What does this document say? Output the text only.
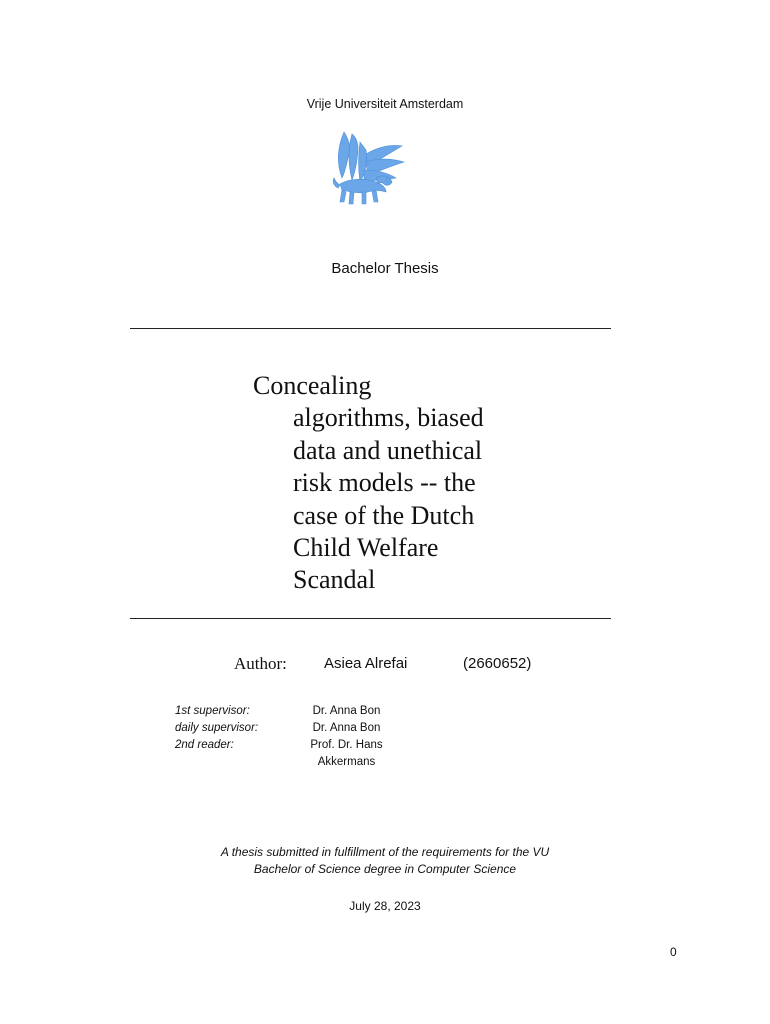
Vrije Universiteit Amsterdam
Bachelor Thesis
Concealing
algorithms, biased
data and unethical
risk models -- the
case of the Dutch
Child Welfare
Scandal
Author: Asiea Alrefai	(2660652)
1st supervisor:
daily supervisor:
2nd reader:
Dr. Anna Bon
Dr. Anna Bon
Prof. Dr. Hans
Akkermans
A thesis submitted in fulfillment of the requirements for the VU
Bachelor of Science degree in Computer Science
July 28, 2023
0
